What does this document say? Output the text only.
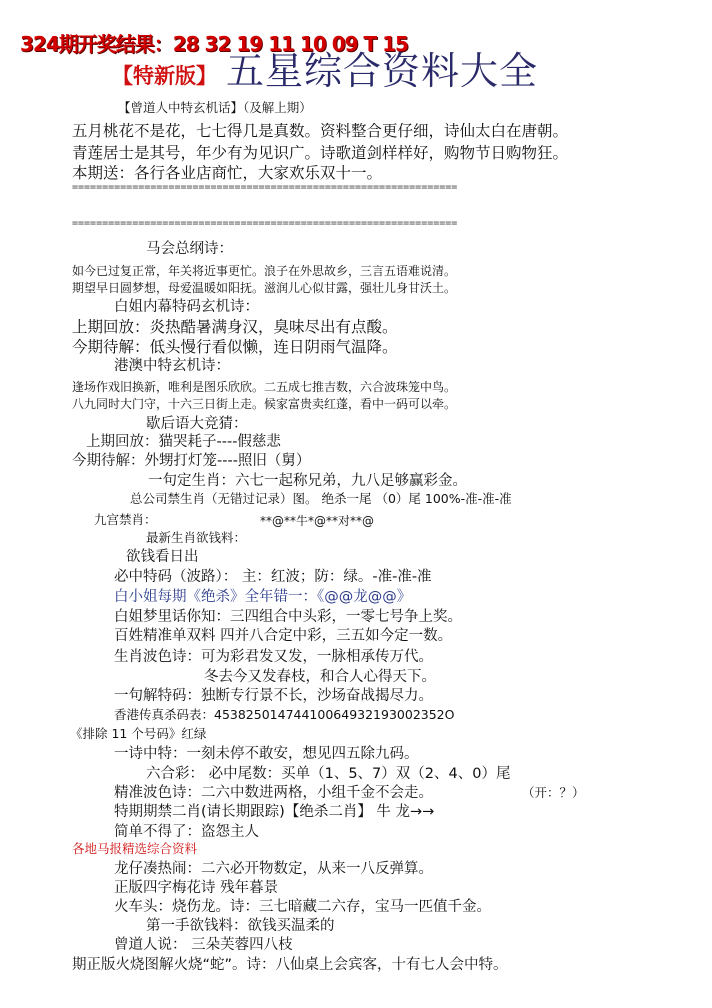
324期开奖结果：28 32 19 11 10 09 T 15
【特新版】 五星综合资料大全
【曾道人中特玄机话】（及解上期）
五月桃花不是花，七七得几是真数。资料整合更仔细，诗仙太白在唐朝。
青莲居士是其号，年少有为见识广。诗歌道剑样样好，购物节日购物狂。
本期送：各行各业店商忙，大家欢乐双十一。
================================================================
================================================================
马会总纲诗：
如今已过复正常，年关将近事更忙。浪子在外思故乡，三言五语难说清。
期望早日圆梦想，母爱温暖如阳抚。滋润儿心似甘露，强壮儿身甘沃土。
白姐内幕特码玄机诗：
上期回放：炎热酷暑满身汉，臭味尽出有点酸。
今期待解：低头慢行看似懒，连日阴雨气温降。
港澳中特玄机诗：
逢场作戏旧换新，唯利是图乐欣欣。二五成七推吉数，六合波珠笼中鸟。
八九同时大门守，十六三日街上走。候家富贵卖红蓬，看中一码可以牵。
歇后语大竞猜：
上期回放：猫哭耗子----假慈悲
今期待解：外甥打灯笼----照旧（舅）
一句定生肖：六七一起称兄弟，九八足够赢彩金。
总公司禁生肖（无错过记录）图。 绝杀一尾 （0）尾 100%-准-准-准
九宫禁肖：	**@**牛*@**对**@
最新生肖欲钱料：
欲钱看日出
必中特码（波路）： 主：红波；防：绿。-准-准-准
白小姐每期《绝杀》全年错一：《@@龙@@》
白姐梦里话你知：三四组合中头彩，一零七号争上奖。
百姓精准单双料 四并八合定中彩，三五如今定一数。
生肖波色诗：可为彩君发又发，一脉相承传万代。
冬去今又发春枝，和合人心得天下。
一句解特码：独断专行景不长，沙场奋战揭尽力。
香港传真杀码表：45382501474410064932193002352O
《排除 11 个号码》红绿
一诗中特：一刻未停不敢安，想见四五除九码。
六合彩： 必中尾数：买单（1、5、7）双（2、4、0）尾
精准波色诗：二六中数进两格，小组千金不会走。	（开：？）
特期期禁二肖(请长期跟踪)【绝杀二肖】 牛 龙→→
简单不得了：盗怨主人
各地马报精选综合资料
龙仔凑热闹：二六必开物数定，从来一八反弹算。
正版四字梅花诗 残年暮景
火车头：烧伤龙。诗：三七暗藏二六存，宝马一匹值千金。
第一手欲钱料：欲钱买温柔的
曾道人说： 三朵芙蓉四八枝
期正版火烧图解火烧“蛇”。诗：八仙桌上会宾客，十有七人会中特。
